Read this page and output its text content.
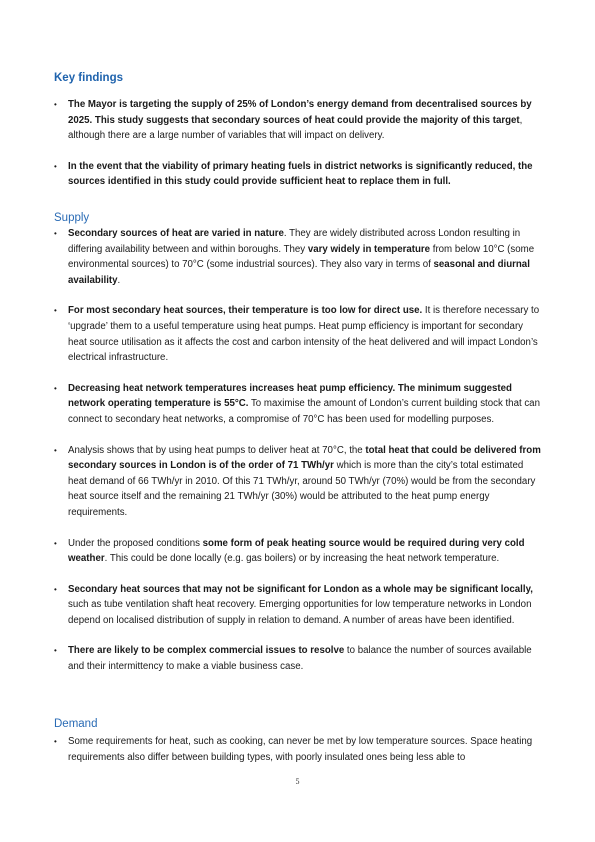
Key findings
• The Mayor is targeting the supply of 25% of London’s energy demand from decentralised sources by 2025. This study suggests that secondary sources of heat could provide the majority of this target, although there are a large number of variables that will impact on delivery.
• In the event that the viability of primary heating fuels in district networks is significantly reduced, the sources identified in this study could provide sufficient heat to replace them in full.
Supply
• Secondary sources of heat are varied in nature. They are widely distributed across London resulting in differing availability between and within boroughs. They vary widely in temperature from below 10°C (some environmental sources) to 70°C (some industrial sources). They also vary in terms of seasonal and diurnal availability.
• For most secondary heat sources, their temperature is too low for direct use. It is therefore necessary to ‘upgrade’ them to a useful temperature using heat pumps. Heat pump efficiency is important for secondary heat source utilisation as it affects the cost and carbon intensity of the heat delivered and will impact London’s electrical infrastructure.
• Decreasing heat network temperatures increases heat pump efficiency. The minimum suggested network operating temperature is 55°C. To maximise the amount of London’s current building stock that can connect to secondary heat networks, a compromise of 70°C has been used for modelling purposes.
• Analysis shows that by using heat pumps to deliver heat at 70°C, the total heat that could be delivered from secondary sources in London is of the order of 71 TWh/yr which is more than the city’s total estimated heat demand of 66 TWh/yr in 2010. Of this 71 TWh/yr, around 50 TWh/yr (70%) would be from the secondary heat source itself and the remaining 21 TWh/yr (30%) would be attributed to the heat pump energy requirements.
• Under the proposed conditions some form of peak heating source would be required during very cold weather. This could be done locally (e.g. gas boilers) or by increasing the heat network temperature.
• Secondary heat sources that may not be significant for London as a whole may be significant locally, such as tube ventilation shaft heat recovery. Emerging opportunities for low temperature networks in London depend on localised distribution of supply in relation to demand. A number of areas have been identified.
• There are likely to be complex commercial issues to resolve to balance the number of sources available and their intermittency to make a viable business case.
Demand
• Some requirements for heat, such as cooking, can never be met by low temperature sources. Space heating requirements also differ between building types, with poorly insulated ones being less able to
5
